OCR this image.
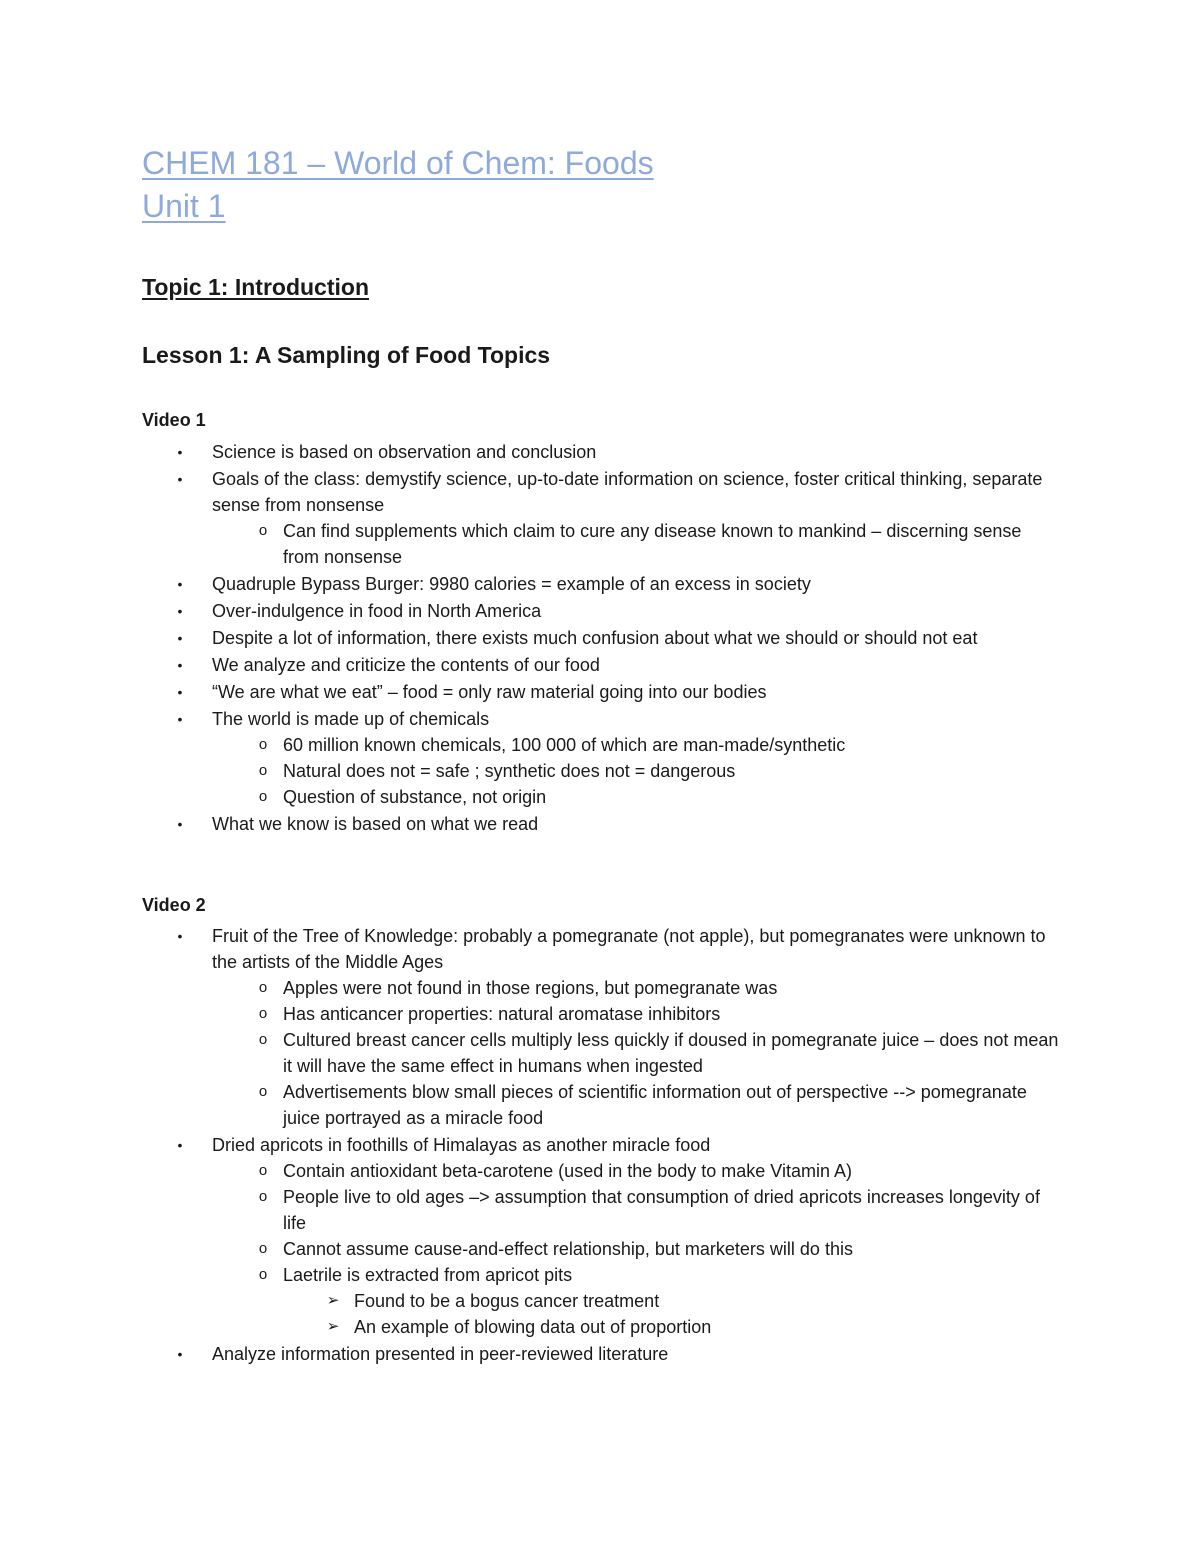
CHEM 181 – World of Chem: Foods
Unit 1
Topic 1: Introduction
Lesson 1: A Sampling of Food Topics
Video 1
•	Science is based on observation and conclusion
•	Goals of the class: demystify science, up-to-date information on science, foster critical thinking, separate sense from nonsense
o Can find supplements which claim to cure any disease known to mankind – discerning sense from nonsense
•	Quadruple Bypass Burger: 9980 calories = example of an excess in society
•	Over-indulgence in food in North America
•	Despite a lot of information, there exists much confusion about what we should or should not eat
•	We analyze and criticize the contents of our food
•	“We are what we eat” – food = only raw material going into our bodies
•	The world is made up of chemicals
o 60 million known chemicals, 100 000 of which are man-made/synthetic
o Natural does not = safe ; synthetic does not = dangerous
o Question of substance, not origin
•	What we know is based on what we read
Video 2
•	Fruit of the Tree of Knowledge: probably a pomegranate (not apple), but pomegranates were unknown to the artists of the Middle Ages
o Apples were not found in those regions, but pomegranate was
o Has anticancer properties: natural aromatase inhibitors
o Cultured breast cancer cells multiply less quickly if doused in pomegranate juice – does not mean it will have the same effect in humans when ingested
o Advertisements blow small pieces of scientific information out of perspective --> pomegranate juice portrayed as a miracle food
•	Dried apricots in foothills of Himalayas as another miracle food
o Contain antioxidant beta-carotene (used in the body to make Vitamin A)
o People live to old ages –> assumption that consumption of dried apricots increases longevity of life
o Cannot assume cause-and-effect relationship, but marketers will do this
o Laetrile is extracted from apricot pits
➢ Found to be a bogus cancer treatment
➢ An example of blowing data out of proportion
•	Analyze information presented in peer-reviewed literature
